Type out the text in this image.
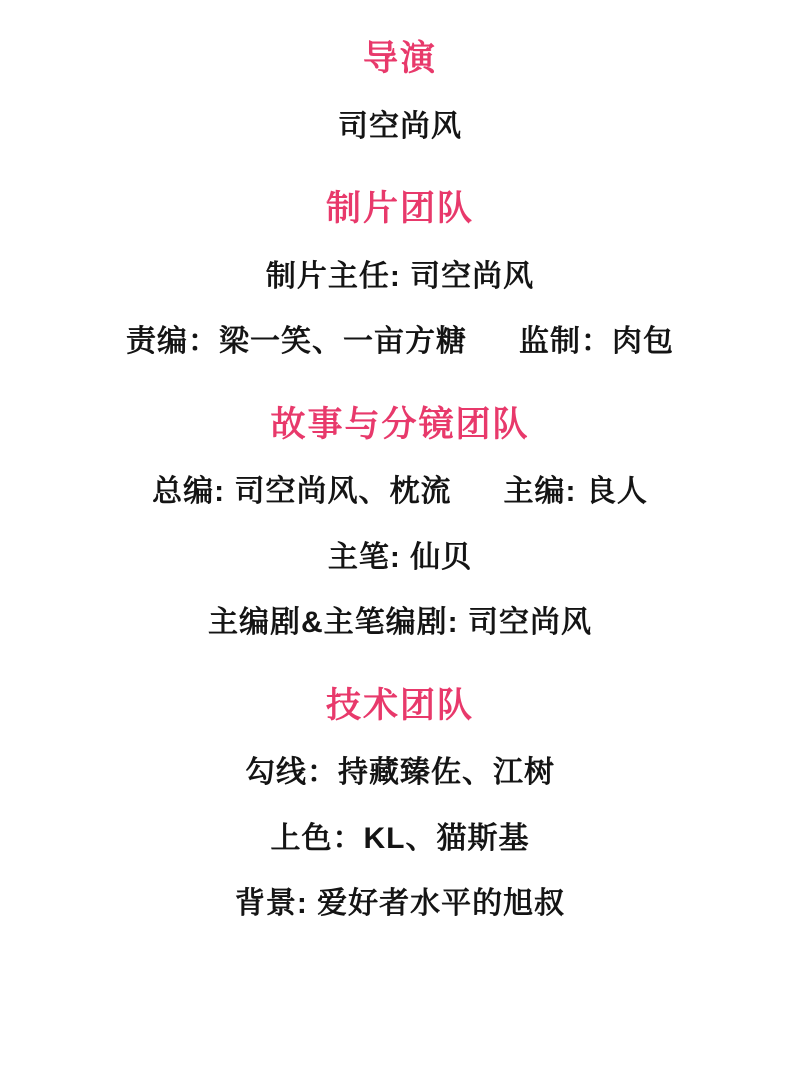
导演

司空尚风

制片团队

制片主任: 司空尚风

责编：梁一笑、一亩方糖 监制：肉包

故事与分镜团队

总编: 司空尚风、枕流 主编: 良人

主笔: 仙贝

主编剧&主笔编剧: 司空尚风

技术团队

勾线：持藏臻佐、江树

上色：KL、猫斯基

背景: 爱好者水平的旭叔
